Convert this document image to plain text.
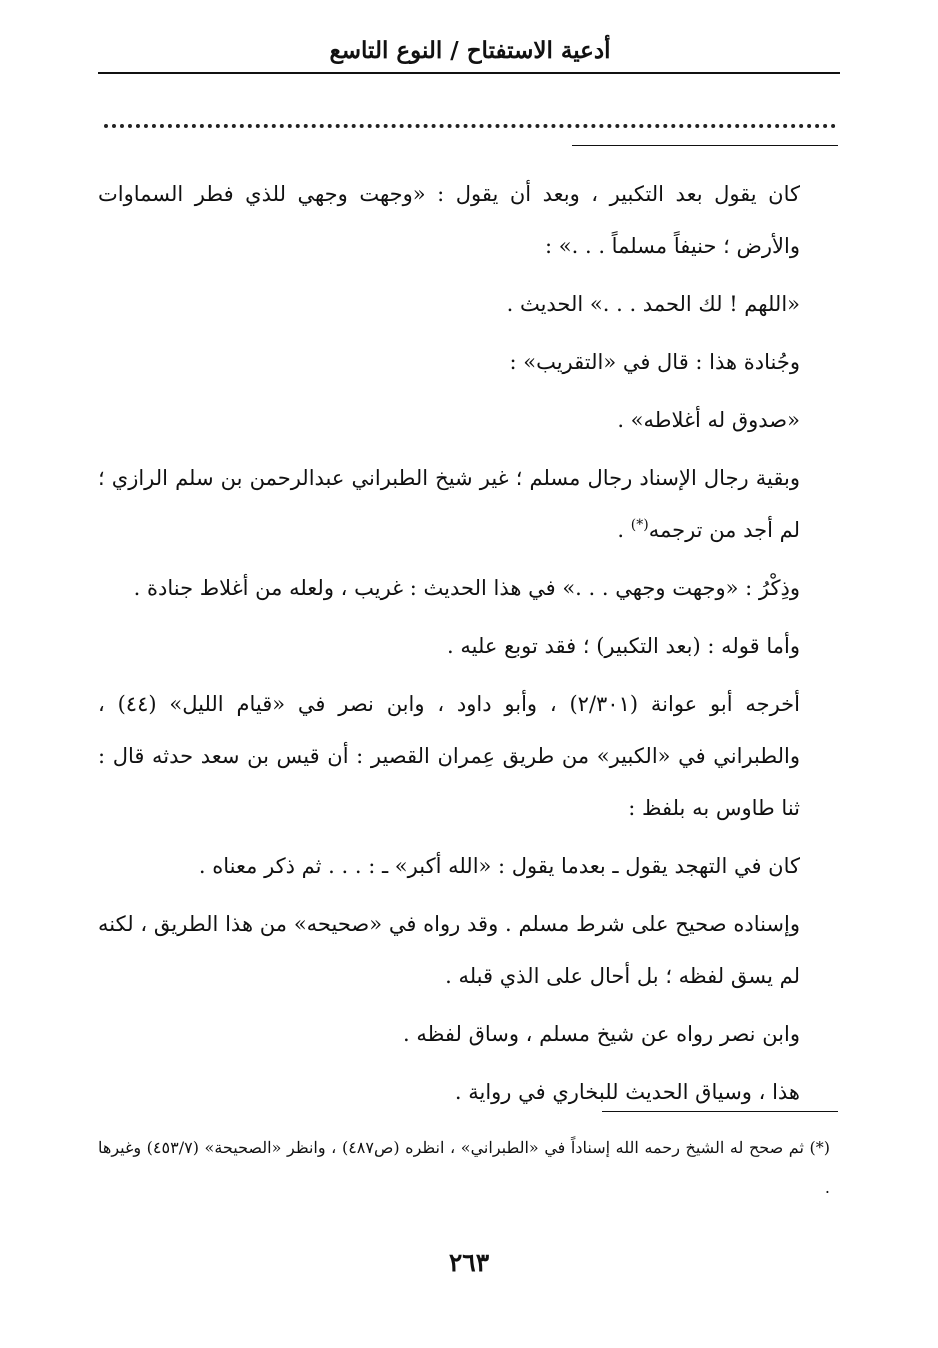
أدعية الاستفتاح / النوع التاسع

كان يقول بعد التكبير ، وبعد أن يقول : «وجهت وجهي للذي فطر السماوات والأرض ؛ حنيفاً مسلماً . . .» :

«اللهم ! لك الحمد . . .» الحديث .

وجُنادة هذا : قال في «التقريب» :

«صدوق له أغلاطه» .

وبقية رجال الإسناد رجال مسلم ؛ غير شيخ الطبراني عبدالرحمن بن سلم الرازي ؛ لم أجد من ترجمه(*) .

وذِكْرُ : «وجهت وجهي . . .» في هذا الحديث : غريب ، ولعله من أغلاط جنادة .

وأما قوله : (بعد التكبير) ؛ فقد توبع عليه .

أخرجه أبو عوانة (٢/٣٠١) ، وأبو داود ، وابن نصر في «قيام الليل» (٤٤) ، والطبراني في «الكبير» من طريق عِمران القصير : أن قيس بن سعد حدثه قال : ثنا طاوس به بلفظ :

كان في التهجد يقول ـ بعدما يقول : «الله أكبر» ـ : . . . ثم ذكر معناه .

وإسناده صحيح على شرط مسلم . وقد رواه في «صحيحه» من هذا الطريق ، لكنه لم يسق لفظه ؛ بل أحال على الذي قبله .

وابن نصر رواه عن شيخ مسلم ، وساق لفظه .

هذا ، وسياق الحديث للبخاري في رواية .

(*) ثم صحح له الشيخ رحمه الله إسناداً في «الطبراني» ، انظره (ص٤٨٧) ، وانظر «الصحيحة» (٤٥٣/٧) وغيرها .
٢٦٣
